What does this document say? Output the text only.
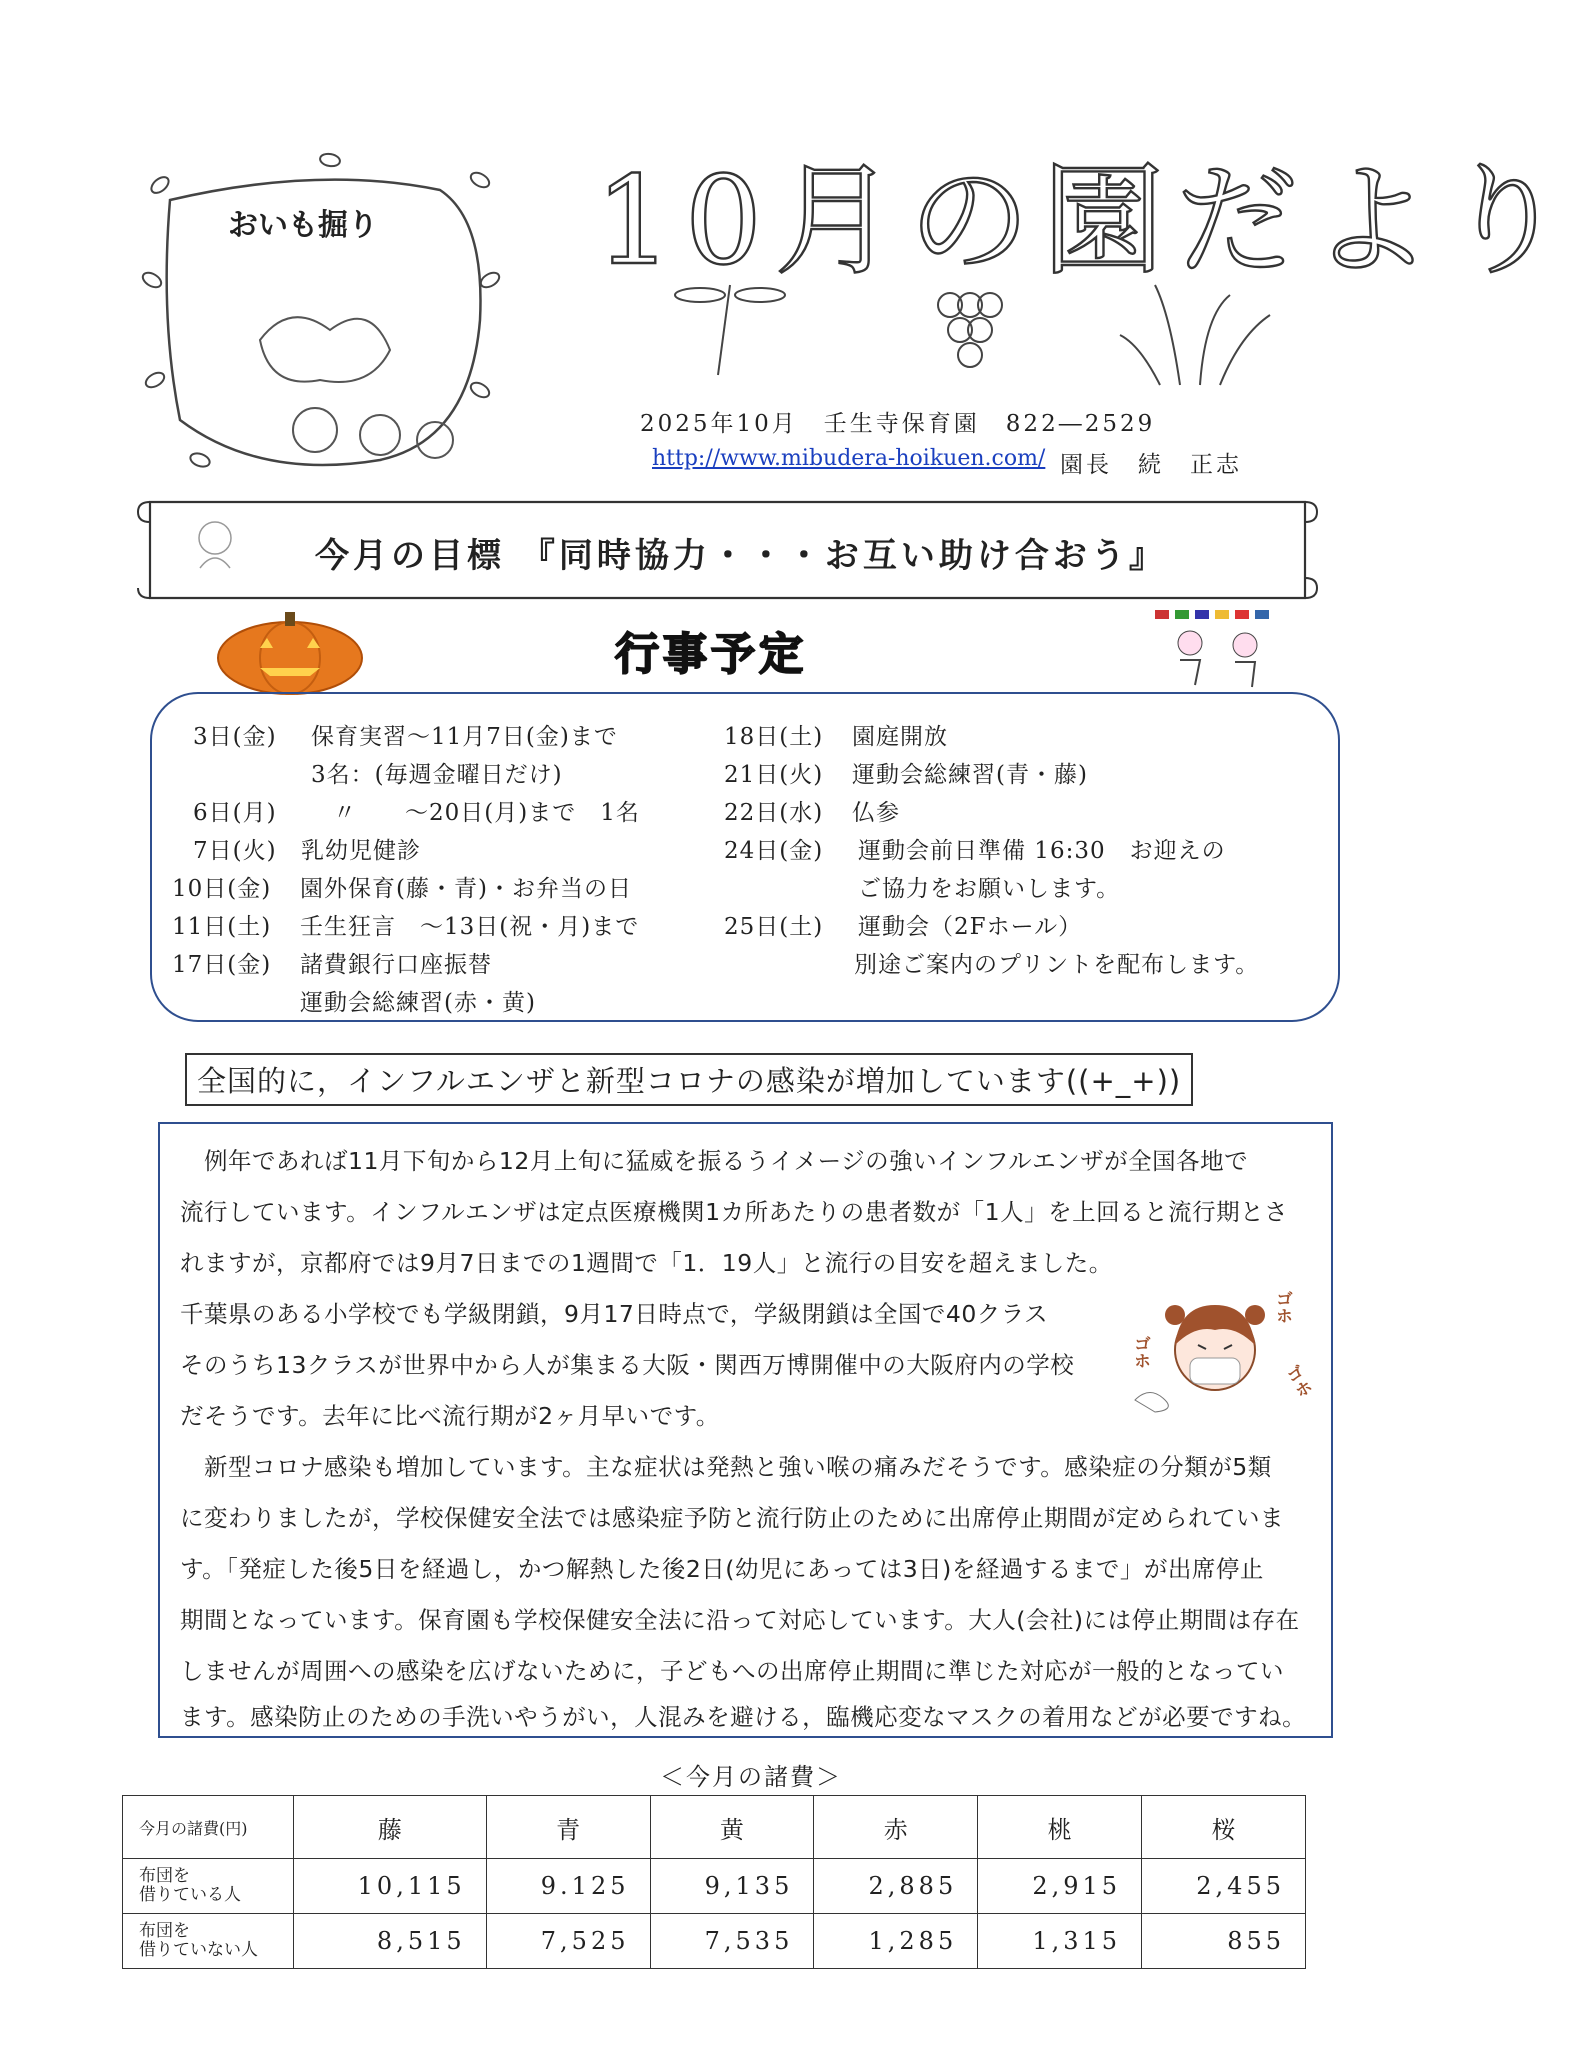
おいも掘り 10月の園だより
2025年10月　壬生寺保育園　822―2529
http://www.mibudera-hoikuen.com/ 園長　続　正志
今月の目標 『同時協力・・・お互い助け合おう』
行事予定
3日(金) 保育実習～11月7日(金)まで
3名：(毎週金曜日だけ)
6日(月) 〃　　～20日(月)まで　1名
7日(火) 乳幼児健診
10日(金) 園外保育(藤・青)・お弁当の日
11日(土) 壬生狂言　～13日(祝・月)まで
17日(金) 諸費銀行口座振替
運動会総練習(赤・黄)
18日(土) 園庭開放
21日(火) 運動会総練習(青・藤)
22日(水) 仏参
24日(金) 運動会前日準備 16:30　お迎えの
ご協力をお願いします。
25日(土) 運動会（2Fホール）
別途ご案内のプリントを配布します。
全国的に，インフルエンザと新型コロナの感染が増加しています((+_+))
　例年であれば11月下旬から12月上旬に猛威を振るうイメージの強いインフルエンザが全国各地で
流行しています。インフルエンザは定点医療機関1カ所あたりの患者数が「1人」を上回ると流行期とさ
れますが，京都府では9月7日までの1週間で「1．19人」と流行の目安を超えました。
千葉県のある小学校でも学級閉鎖，9月17日時点で，学級閉鎖は全国で40クラス
そのうち13クラスが世界中から人が集まる大阪・関西万博開催中の大阪府内の学校
だそうです。去年に比べ流行期が2ヶ月早いです。
　新型コロナ感染も増加しています。主な症状は発熱と強い喉の痛みだそうです。感染症の分類が5類
に変わりましたが，学校保健安全法では感染症予防と流行防止のために出席停止期間が定められていま
す。「発症した後5日を経過し，かつ解熱した後2日(幼児にあっては3日)を経過するまで」が出席停止
期間となっています。保育園も学校保健安全法に沿って対応しています。大人(会社)には停止期間は存在
しませんが周囲への感染を広げないために，子どもへの出席停止期間に準じた対応が一般的となってい
ます。感染防止のための手洗いやうがい，人混みを避ける，臨機応変なマスクの着用などが必要ですね。
ゴホ
ゴホ
ゴホ
＜今月の諸費＞
今月の諸費(円)	藤	青	黄	赤	桃	桜
布団を
借りている人	10,115	9.125	9,135	2,885	2,915	2,455
布団を
借りていない人	8,515	7,525	7,535	1,285	1,315	855
